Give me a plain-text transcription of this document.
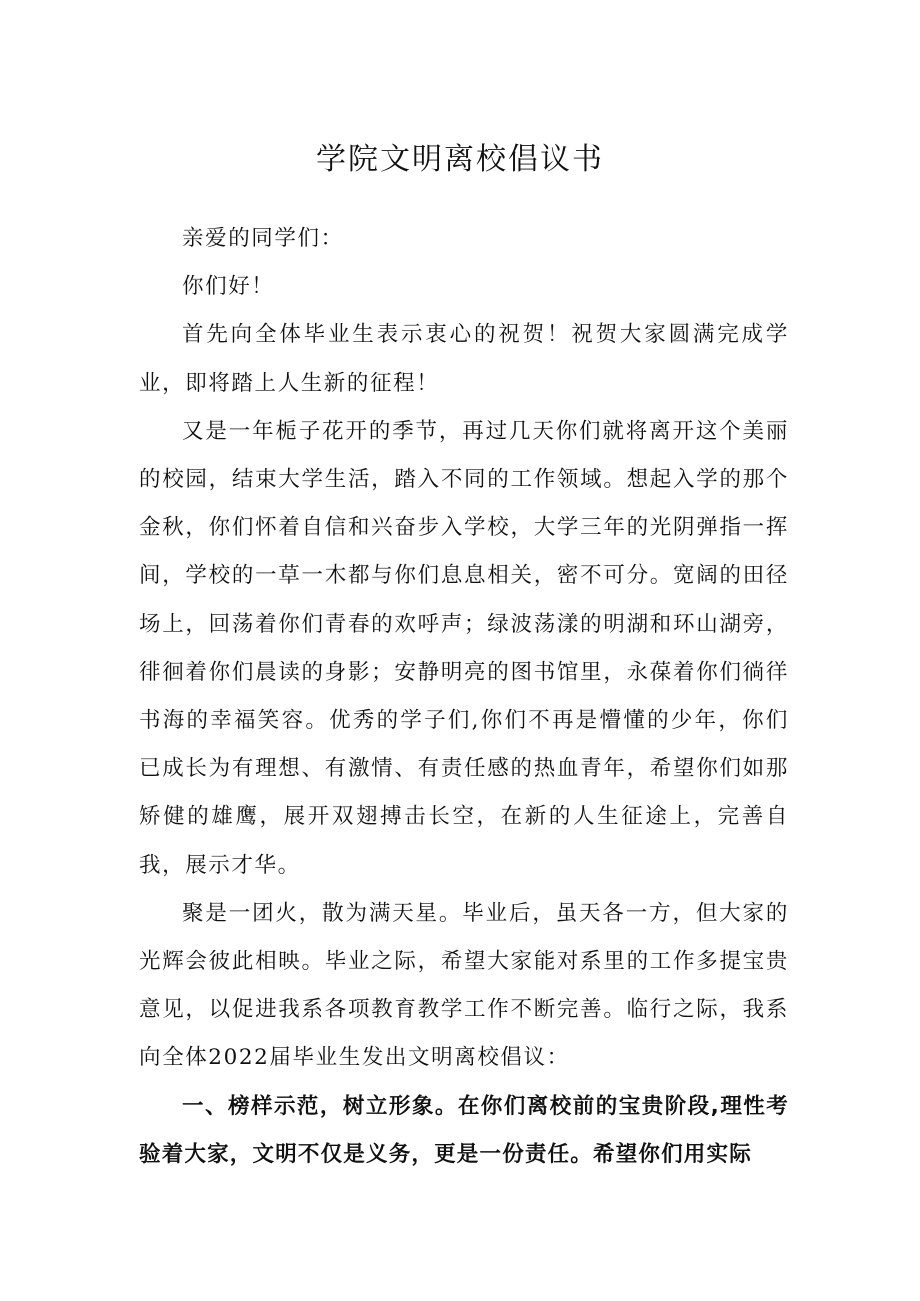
学院文明离校倡议书

亲爱的同学们：

你们好！

首先向全体毕业生表示衷心的祝贺！祝贺大家圆满完成学业，即将踏上人生新的征程！

又是一年栀子花开的季节，再过几天你们就将离开这个美丽的校园，结束大学生活，踏入不同的工作领域。想起入学的那个金秋，你们怀着自信和兴奋步入学校，大学三年的光阴弹指一挥间，学校的一草一木都与你们息息相关，密不可分。宽阔的田径场上，回荡着你们青春的欢呼声；绿波荡漾的明湖和环山湖旁，徘徊着你们晨读的身影；安静明亮的图书馆里，永葆着你们徜徉书海的幸福笑容。优秀的学子们,你们不再是懵懂的少年，你们已成长为有理想、有激情、有责任感的热血青年，希望你们如那矫健的雄鹰，展开双翅搏击长空，在新的人生征途上，完善自我，展示才华。

聚是一团火，散为满天星。毕业后，虽天各一方，但大家的光辉会彼此相映。毕业之际，希望大家能对系里的工作多提宝贵意见，以促进我系各项教育教学工作不断完善。临行之际，我系向全体2022届毕业生发出文明离校倡议：

一、榜样示范，树立形象。在你们离校前的宝贵阶段,理性考验着大家，文明不仅是义务，更是一份责任。希望你们用实际
